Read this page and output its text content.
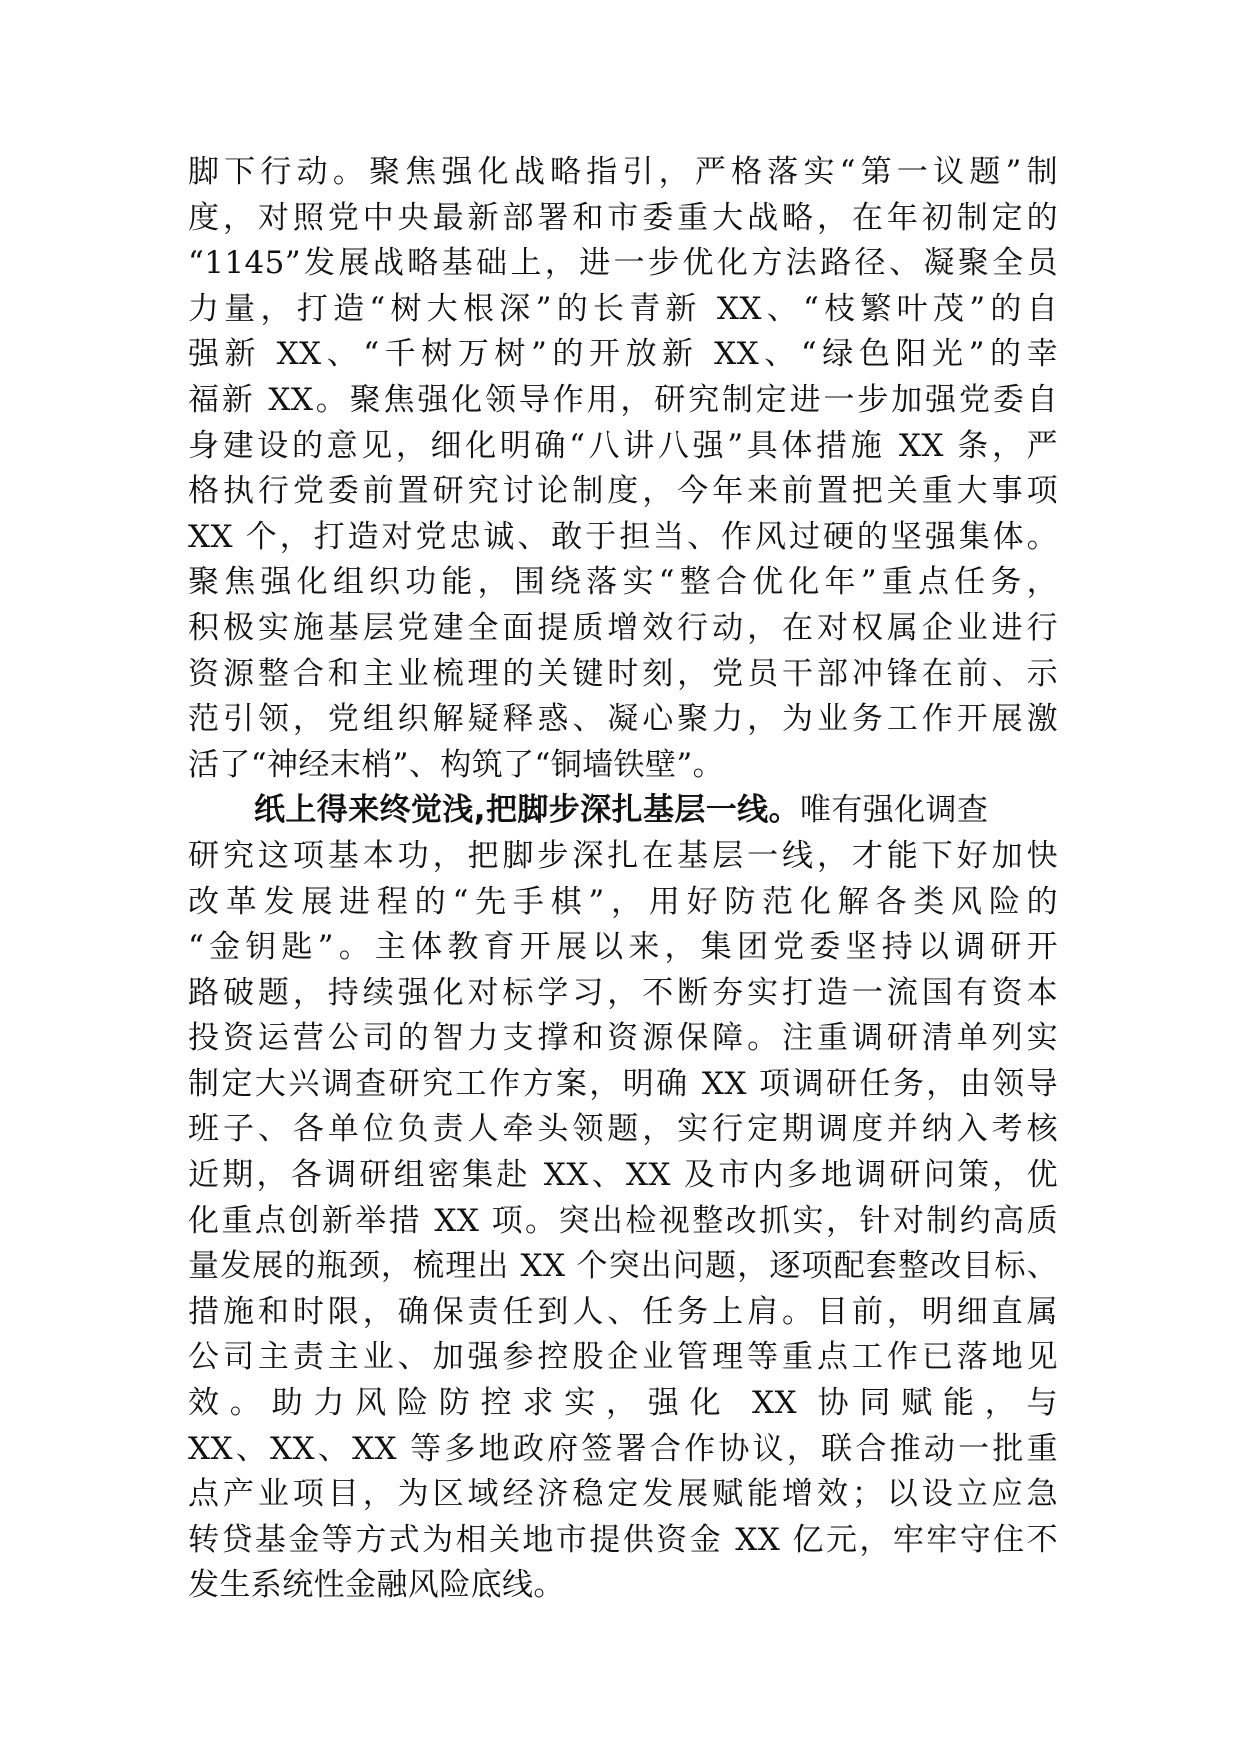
脚下行动。聚焦强化战略指引，严格落实“第一议题”制
度，对照党中央最新部署和市委重大战略，在年初制定的
“1145”发展战略基础上，进一步优化方法路径、凝聚全员
力量，打造“树大根深”的长青新 XX、“枝繁叶茂”的自
强新 XX、“千树万树”的开放新 XX、“绿色阳光”的幸
福新 XX。聚焦强化领导作用，研究制定进一步加强党委自
身建设的意见，细化明确“八讲八强”具体措施 XX 条，严
格执行党委前置研究讨论制度，今年来前置把关重大事项
XX 个，打造对党忠诚、敢于担当、作风过硬的坚强集体。
聚焦强化组织功能，围绕落实“整合优化年”重点任务，
积极实施基层党建全面提质增效行动，在对权属企业进行
资源整合和主业梳理的关键时刻，党员干部冲锋在前、示
范引领，党组织解疑释惑、凝心聚力，为业务工作开展激
活了“神经末梢”、构筑了“铜墙铁壁”。
纸上得来终觉浅,把脚步深扎基层一线。唯有强化调查
研究这项基本功，把脚步深扎在基层一线，才能下好加快
改革发展进程的“先手棋”，用好防范化解各类风险的
“金钥匙”。主体教育开展以来，集团党委坚持以调研开
路破题，持续强化对标学习，不断夯实打造一流国有资本
投资运营公司的智力支撑和资源保障。注重调研清单列实
制定大兴调查研究工作方案，明确 XX 项调研任务，由领导
班子、各单位负责人牵头领题，实行定期调度并纳入考核
近期，各调研组密集赴 XX、XX 及市内多地调研问策，优
化重点创新举措 XX 项。突出检视整改抓实，针对制约高质
量发展的瓶颈，梳理出 XX 个突出问题，逐项配套整改目标、
措施和时限，确保责任到人、任务上肩。目前，明细直属
公司主责主业、加强参控股企业管理等重点工作已落地见
效。助力风险防控求实，强化 XX 协同赋能，与
XX、XX、XX 等多地政府签署合作协议，联合推动一批重
点产业项目，为区域经济稳定发展赋能增效；以设立应急
转贷基金等方式为相关地市提供资金 XX 亿元，牢牢守住不
发生系统性金融风险底线。
